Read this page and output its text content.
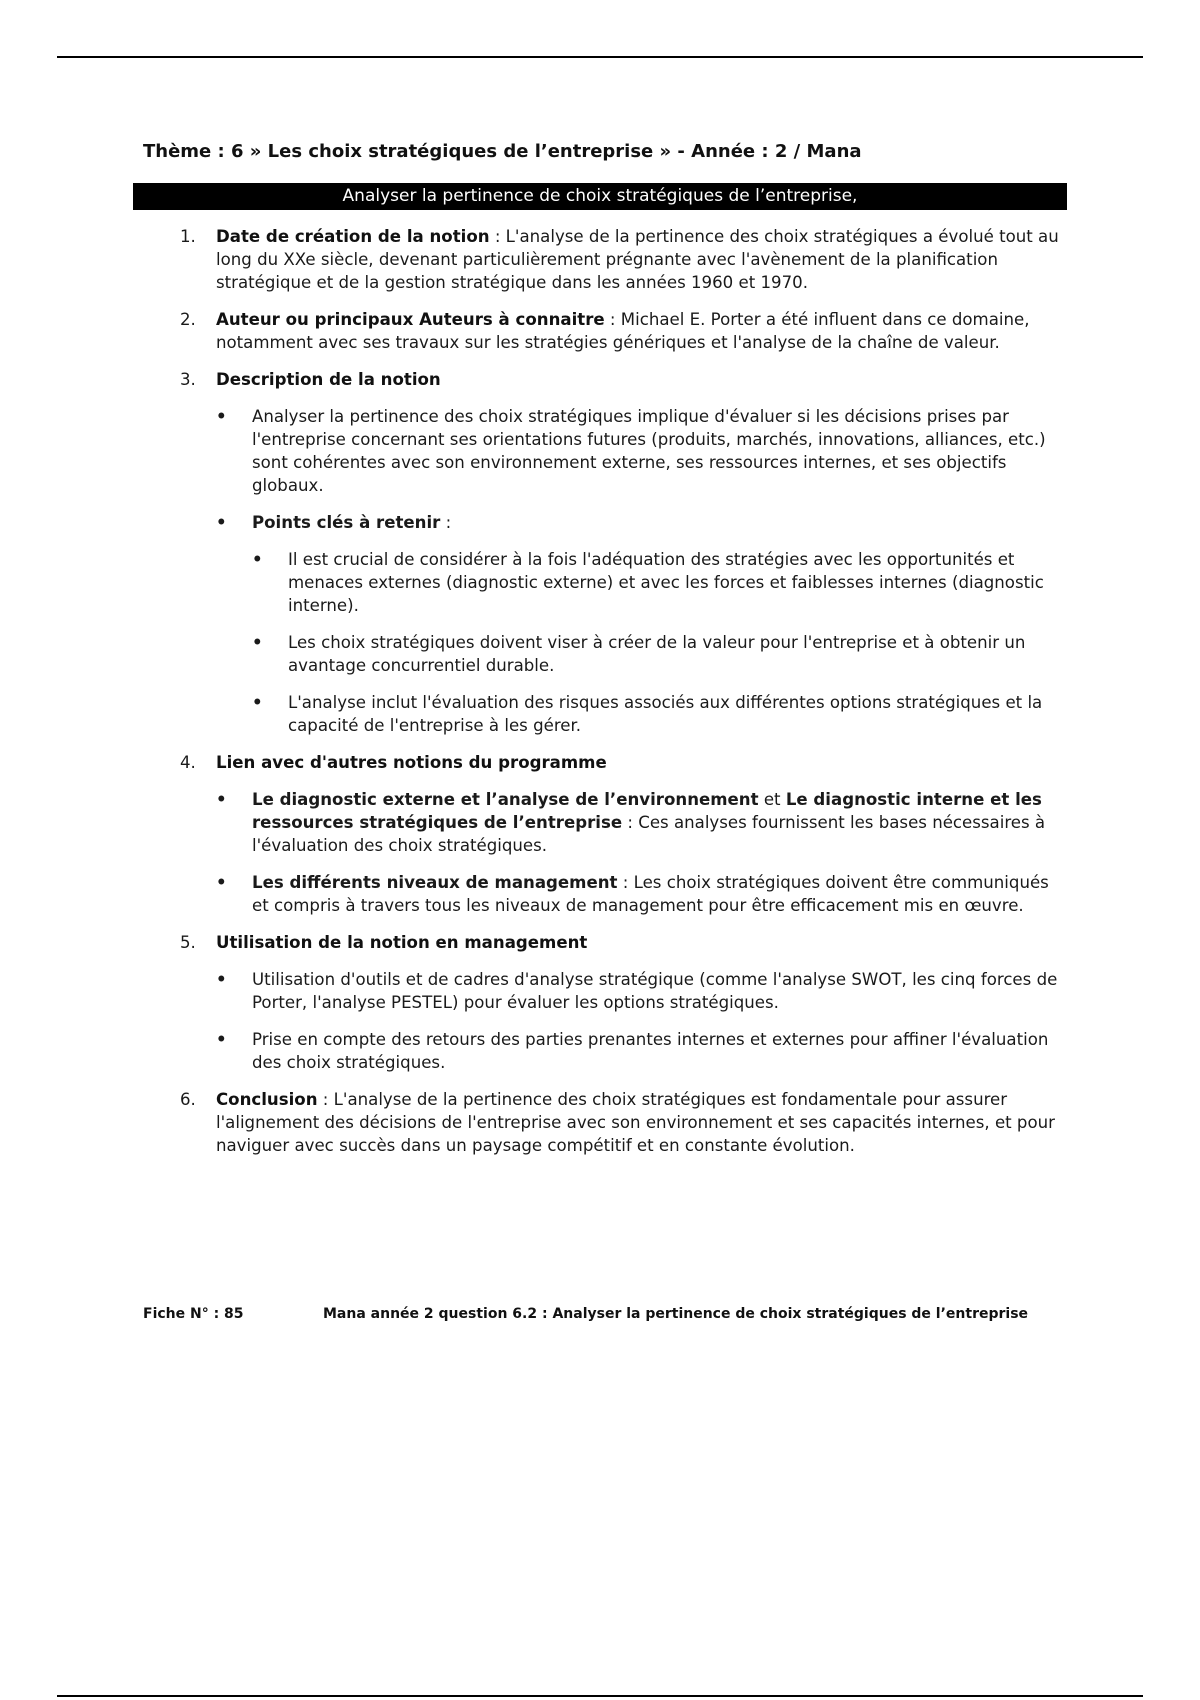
Thème : 6 » Les choix stratégiques de l’entreprise » - Année : 2 / Mana
Analyser la pertinence de choix stratégiques de l’entreprise,
1. Date de création de la notion : L'analyse de la pertinence des choix stratégiques a évolué tout au long du XXe siècle, devenant particulièrement prégnante avec l'avènement de la planification stratégique et de la gestion stratégique dans les années 1960 et 1970.
2. Auteur ou principaux Auteurs à connaitre : Michael E. Porter a été influent dans ce domaine, notamment avec ses travaux sur les stratégies génériques et l'analyse de la chaîne de valeur.
3. Description de la notion
• Analyser la pertinence des choix stratégiques implique d'évaluer si les décisions prises par l'entreprise concernant ses orientations futures (produits, marchés, innovations, alliances, etc.) sont cohérentes avec son environnement externe, ses ressources internes, et ses objectifs globaux.
• Points clés à retenir :
• Il est crucial de considérer à la fois l'adéquation des stratégies avec les opportunités et menaces externes (diagnostic externe) et avec les forces et faiblesses internes (diagnostic interne).
• Les choix stratégiques doivent viser à créer de la valeur pour l'entreprise et à obtenir un avantage concurrentiel durable.
• L'analyse inclut l'évaluation des risques associés aux différentes options stratégiques et la capacité de l'entreprise à les gérer.
4. Lien avec d'autres notions du programme
• Le diagnostic externe et l’analyse de l’environnement et Le diagnostic interne et les ressources stratégiques de l’entreprise : Ces analyses fournissent les bases nécessaires à l'évaluation des choix stratégiques.
• Les différents niveaux de management : Les choix stratégiques doivent être communiqués et compris à travers tous les niveaux de management pour être efficacement mis en œuvre.
5. Utilisation de la notion en management
• Utilisation d'outils et de cadres d'analyse stratégique (comme l'analyse SWOT, les cinq forces de Porter, l'analyse PESTEL) pour évaluer les options stratégiques.
• Prise en compte des retours des parties prenantes internes et externes pour affiner l'évaluation des choix stratégiques.
6. Conclusion : L'analyse de la pertinence des choix stratégiques est fondamentale pour assurer l'alignement des décisions de l'entreprise avec son environnement et ses capacités internes, et pour naviguer avec succès dans un paysage compétitif et en constante évolution.
Fiche N° : 85	Mana année 2 question 6.2 : Analyser la pertinence de choix stratégiques de l’entreprise
